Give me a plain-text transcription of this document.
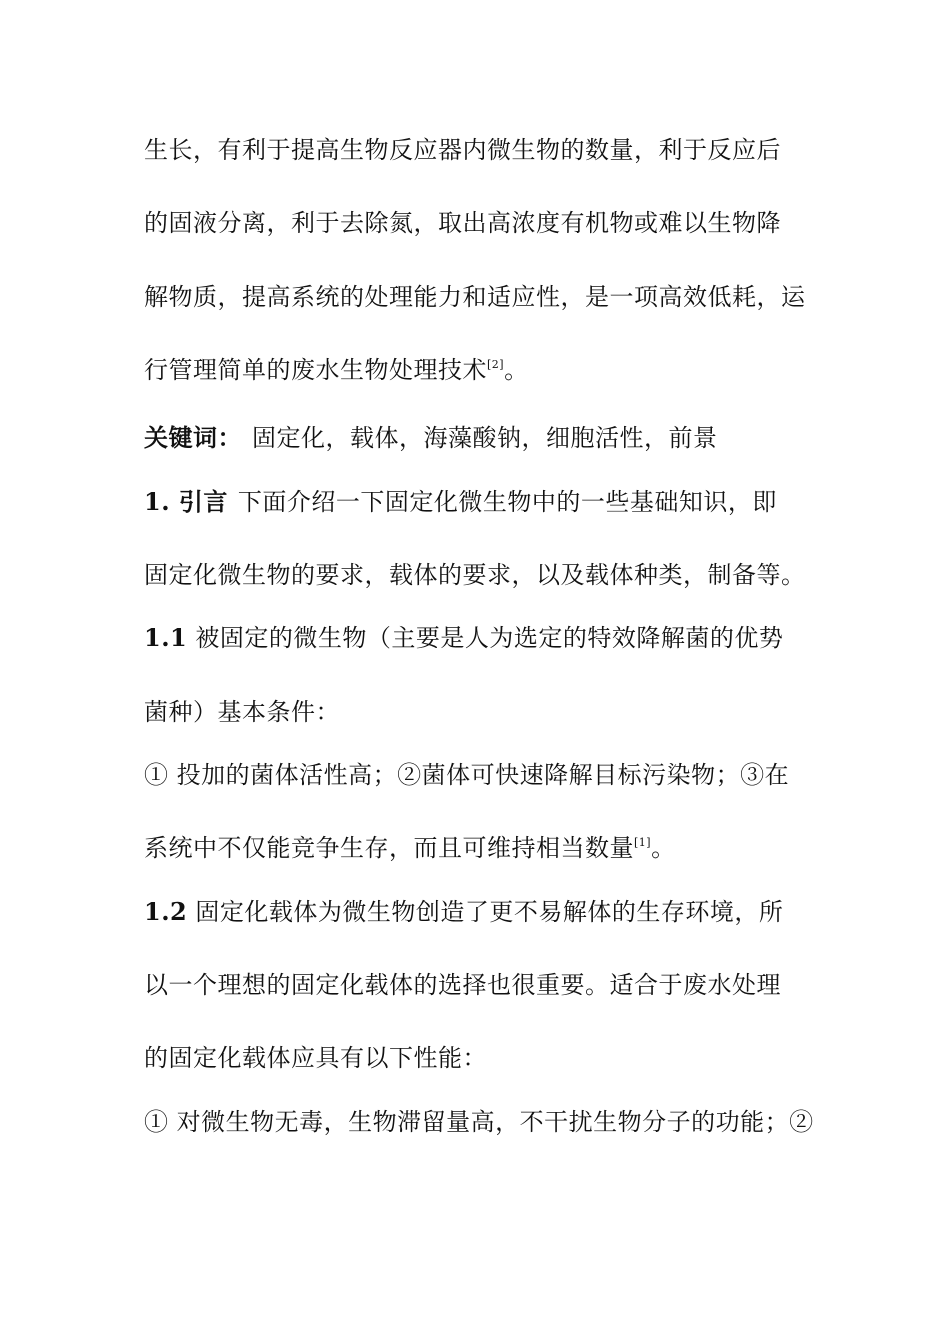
生长，有利于提高生物反应器内微生物的数量，利于反应后
的固液分离，利于去除氮，取出高浓度有机物或难以生物降
解物质，提高系统的处理能力和适应性，是一项高效低耗，运
行管理简单的废水生物处理技术[2]。
关键词： 固定化，载体，海藻酸钠，细胞活性，前景
1. 引言 下面介绍一下固定化微生物中的一些基础知识，即
固定化微生物的要求，载体的要求，以及载体种类，制备等。
1.1 被固定的微生物（主要是人为选定的特效降解菌的优势
菌种）基本条件：
① 投加的菌体活性高；②菌体可快速降解目标污染物；③在
系统中不仅能竞争生存，而且可维持相当数量[1]。
1.2 固定化载体为微生物创造了更不易解体的生存环境，所
以一个理想的固定化载体的选择也很重要。适合于废水处理
的固定化载体应具有以下性能：
① 对微生物无毒，生物滞留量高，不干扰生物分子的功能；②
